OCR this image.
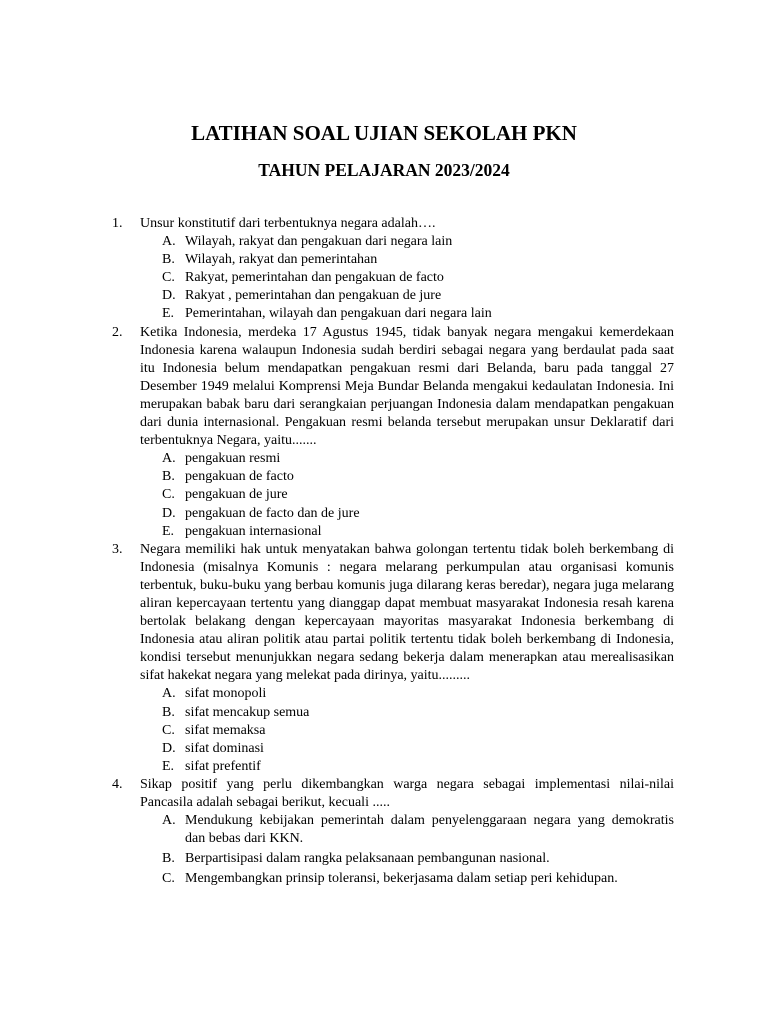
LATIHAN SOAL UJIAN SEKOLAH PKN
TAHUN PELAJARAN 2023/2024
1. Unsur konstitutif dari terbentuknya negara adalah….
A. Wilayah, rakyat dan pengakuan dari negara lain
B. Wilayah, rakyat dan pemerintahan
C. Rakyat, pemerintahan dan pengakuan de facto
D. Rakyat , pemerintahan dan pengakuan de jure
E. Pemerintahan, wilayah dan pengakuan dari negara lain
2. Ketika Indonesia, merdeka 17 Agustus 1945, tidak banyak negara mengakui kemerdekaan Indonesia karena walaupun Indonesia sudah berdiri sebagai negara yang berdaulat pada saat itu Indonesia belum mendapatkan pengakuan resmi dari Belanda, baru pada tanggal 27 Desember 1949 melalui Komprensi Meja Bundar Belanda mengakui kedaulatan Indonesia. Ini merupakan babak baru dari serangkaian perjuangan Indonesia dalam mendapatkan pengakuan dari dunia internasional. Pengakuan resmi belanda tersebut merupakan unsur Deklaratif dari terbentuknya Negara, yaitu.......
A. pengakuan resmi
B. pengakuan de facto
C. pengakuan de jure
D. pengakuan de facto dan de jure
E. pengakuan internasional
3. Negara memiliki hak untuk menyatakan bahwa golongan tertentu tidak boleh berkembang di Indonesia (misalnya Komunis : negara melarang perkumpulan atau organisasi komunis terbentuk, buku-buku yang berbau komunis juga dilarang keras beredar), negara juga melarang aliran kepercayaan tertentu yang dianggap dapat membuat masyarakat Indonesia resah karena bertolak belakang dengan kepercayaan mayoritas masyarakat Indonesia berkembang di Indonesia atau aliran politik atau partai politik tertentu tidak boleh berkembang di Indonesia, kondisi tersebut menunjukkan negara sedang bekerja dalam menerapkan atau merealisasikan sifat hakekat negara yang melekat pada dirinya, yaitu.........
A. sifat monopoli
B. sifat mencakup semua
C. sifat memaksa
D. sifat dominasi
E. sifat prefentif
4. Sikap positif yang perlu dikembangkan warga negara sebagai implementasi nilai-nilai Pancasila adalah sebagai berikut, kecuali .....
A. Mendukung kebijakan pemerintah dalam penyelenggaraan negara yang demokratis dan bebas dari KKN.
B. Berpartisipasi dalam rangka pelaksanaan pembangunan nasional.
C. Mengembangkan prinsip toleransi, bekerjasama dalam setiap peri kehidupan.
